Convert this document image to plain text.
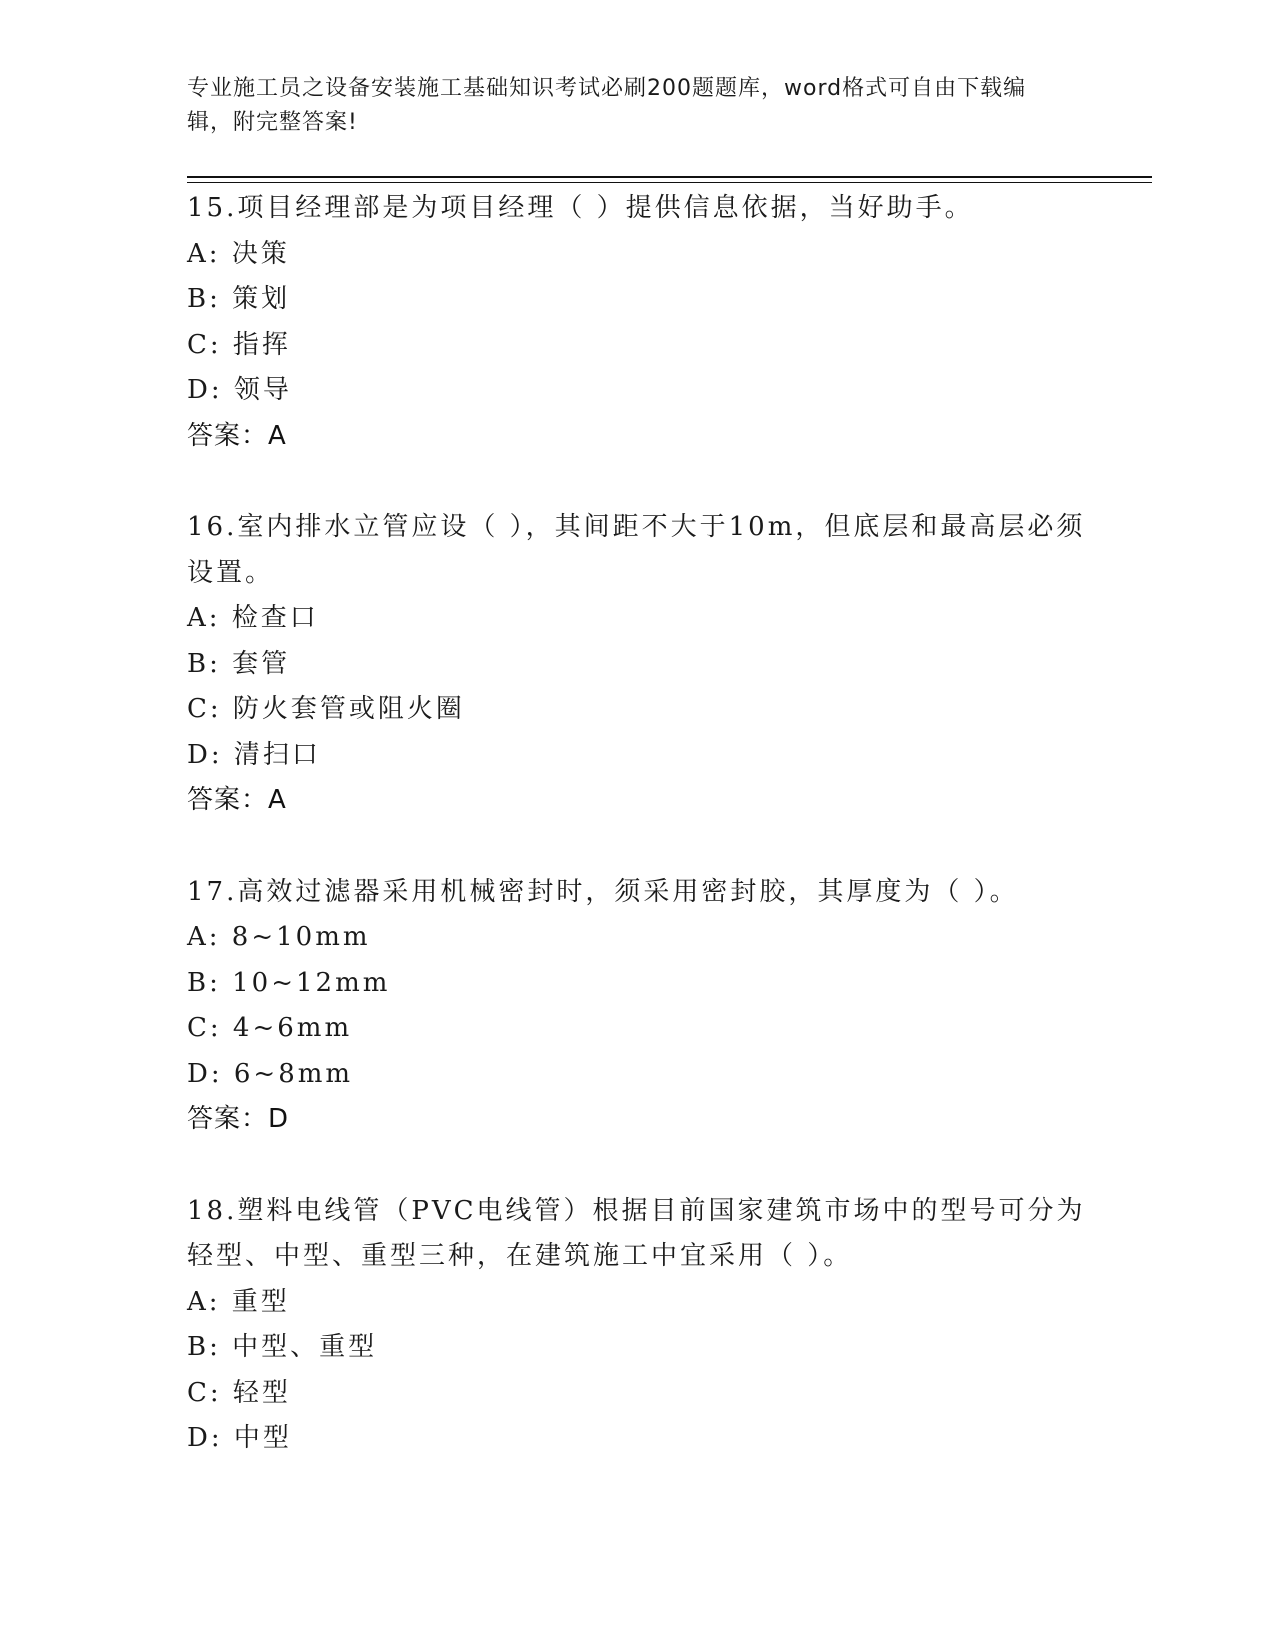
专业施工员之设备安装施工基础知识考试必刷200题题库，word格式可自由下载编辑，附完整答案!
15.项目经理部是为项目经理（ ）提供信息依据，当好助手。
A: 决策
B: 策划
C: 指挥
D: 领导
答案：A
16.室内排水立管应设（ ），其间距不大于10m，但底层和最高层必须设置。
A: 检查口
B: 套管
C: 防火套管或阻火圈
D: 清扫口
答案：A
17.高效过滤器采用机械密封时，须采用密封胶，其厚度为（ ）。
A: 8~10mm
B: 10~12mm
C: 4~6mm
D: 6~8mm
答案：D
18.塑料电线管（PVC电线管）根据目前国家建筑市场中的型号可分为轻型、中型、重型三种，在建筑施工中宜采用（ ）。
A: 重型
B: 中型、重型
C: 轻型
D: 中型
